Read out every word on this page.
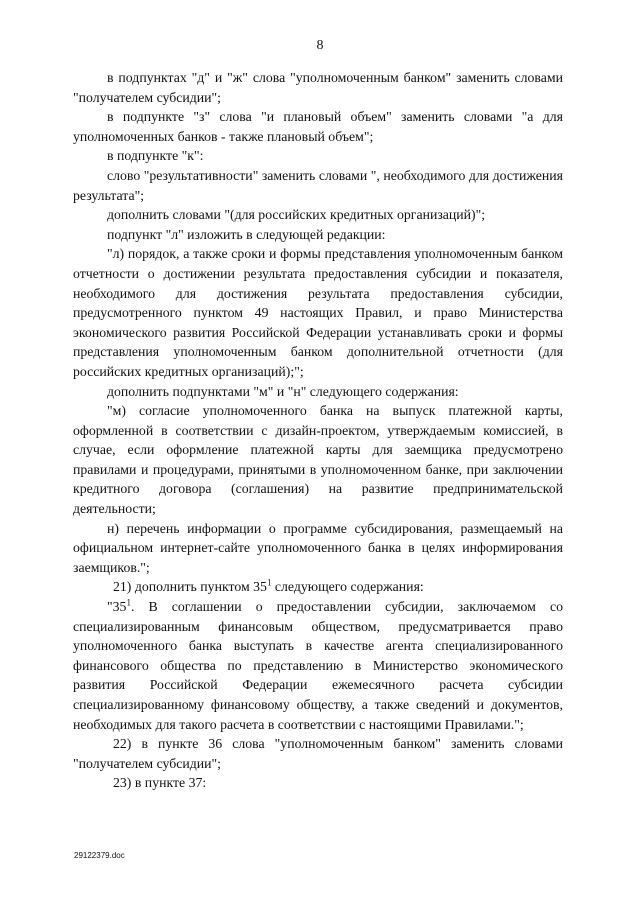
8

в подпунктах "д" и "ж" слова "уполномоченным банком" заменить словами "получателем субсидии";

в подпункте "з" слова "и плановый объем" заменить словами "а для уполномоченных банков - также плановый объем";

в подпункте "к":

слово "результативности" заменить словами ", необходимого для достижения результата";

дополнить словами "(для российских кредитных организаций)";

подпункт "л" изложить в следующей редакции:

"л) порядок, а также сроки и формы представления уполномоченным банком отчетности о достижении результата предоставления субсидии и показателя, необходимого для достижения результата предоставления субсидии, предусмотренного пунктом 49 настоящих Правил, и право Министерства экономического развития Российской Федерации устанавливать сроки и формы представления уполномоченным банком дополнительной отчетности (для российских кредитных организаций);";

дополнить подпунктами "м" и "н" следующего содержания:

"м) согласие уполномоченного банка на выпуск платежной карты, оформленной в соответствии с дизайн-проектом, утверждаемым комиссией, в случае, если оформление платежной карты для заемщика предусмотрено правилами и процедурами, принятыми в уполномоченном банке, при заключении кредитного договора (соглашения) на развитие предпринимательской деятельности;

н) перечень информации о программе субсидирования, размещаемый на официальном интернет-сайте уполномоченного банка в целях информирования заемщиков.";

21) дополнить пунктом $35^1$ следующего содержания:

"$35^1$. В соглашении о предоставлении субсидии, заключаемом со специализированным финансовым обществом, предусматривается право уполномоченного банка выступать в качестве агента специализированного финансового общества по представлению в Министерство экономического развития Российской Федерации ежемесячного расчета субсидии специализированному финансовому обществу, а также сведений и документов, необходимых для такого расчета в соответствии с настоящими Правилами.";

22) в пункте 36 слова "уполномоченным банком" заменить словами "получателем субсидии";

23) в пункте 37:

29122379.doc
